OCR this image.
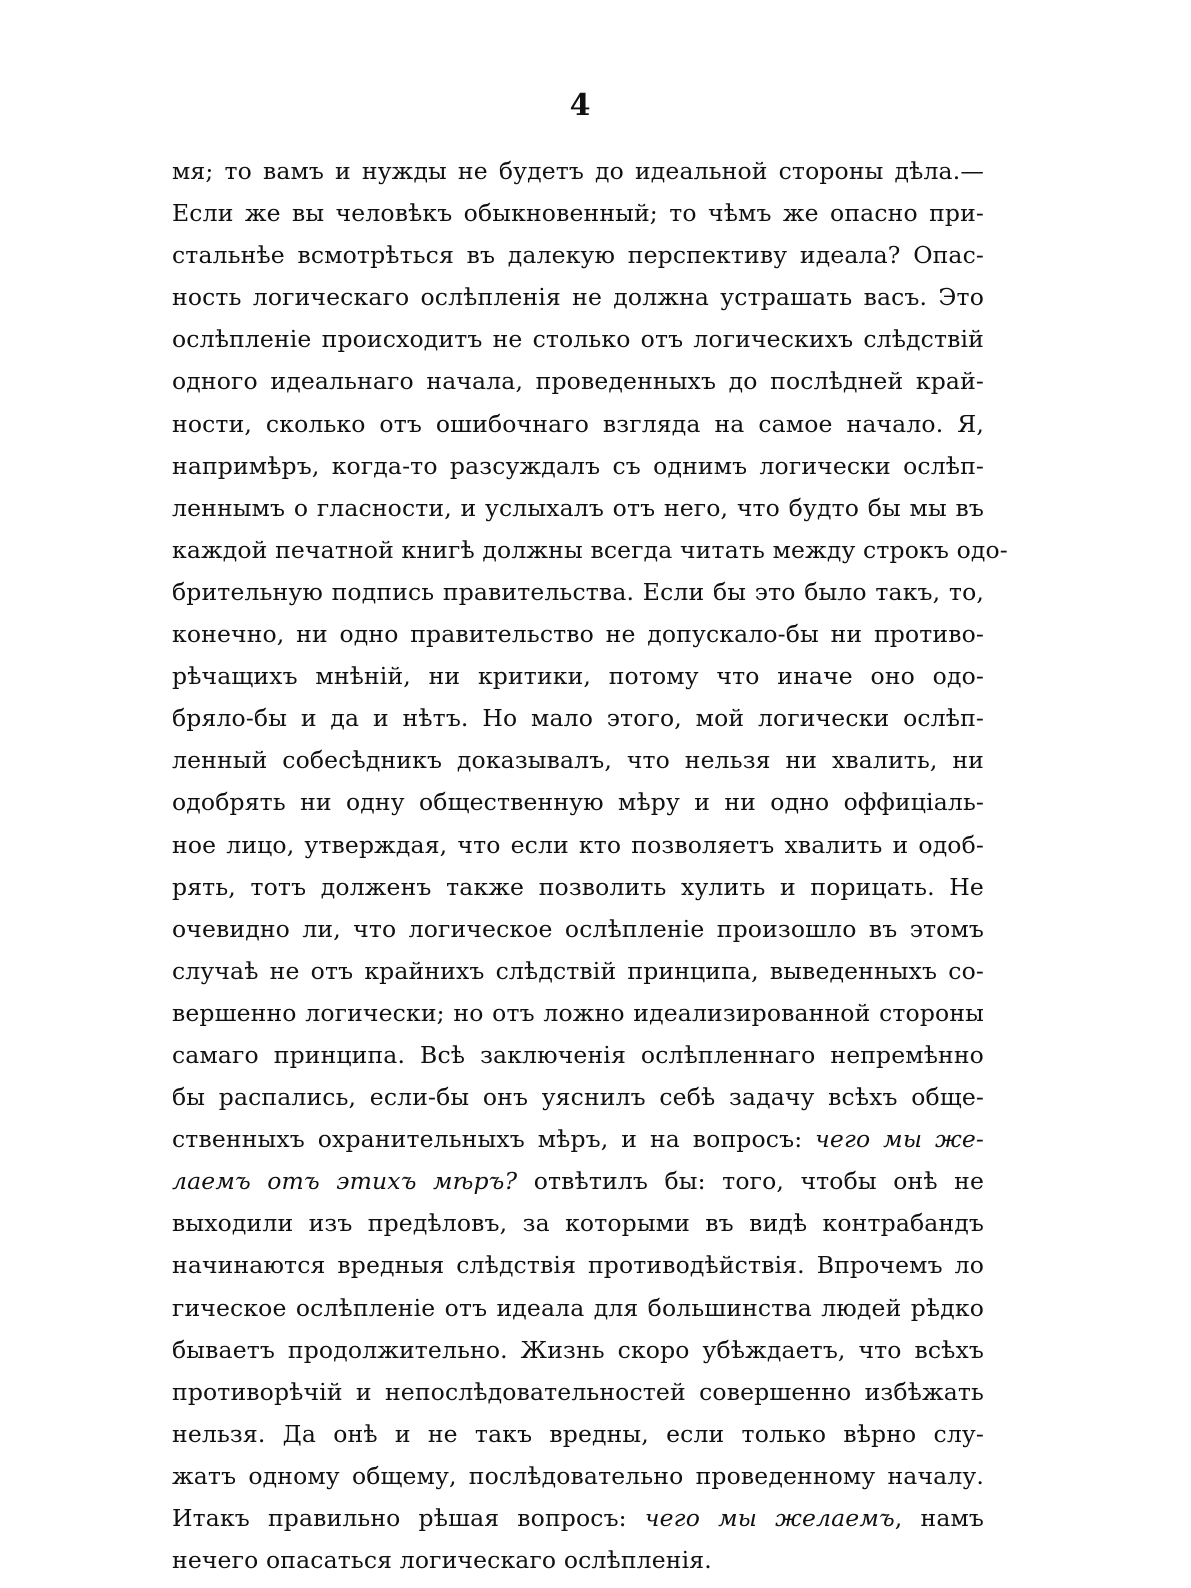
4
мя; то вамъ и нужды не будетъ до идеальной стороны дѣла.—
Если же вы человѣкъ обыкновенный; то чѣмъ же опасно при-
стальнѣе всмотрѣться въ далекую перспективу идеала? Опас-
ность логическаго ослѣпленія не должна устрашать васъ. Это
ослѣпленіе происходитъ не столько отъ логическихъ слѣдствій
одного идеальнаго начала, проведенныхъ до послѣдней край-
ности, сколько отъ ошибочнаго взгляда на самое начало. Я,
напримѣръ, когда-то разсуждалъ съ однимъ логически ослѣп-
леннымъ о гласности, и услыхалъ отъ него, что будто бы мы въ
каждой печатной книгѣ должны всегда читать между строкъ одо-
брительную подпись правительства. Если бы это было такъ, то,
конечно, ни одно правительство не допускало-бы ни противо-
рѣчащихъ мнѣній, ни критики, потому что иначе оно одо-
бряло-бы и да и нѣтъ. Но мало этого, мой логически ослѣп-
ленный собесѣдникъ доказывалъ, что нельзя ни хвалить, ни
одобрять ни одну общественную мѣру и ни одно оффиціаль-
ное лицо, утверждая, что если кто позволяетъ хвалить и одоб-
рять, тотъ долженъ также позволить хулить и порицать. Не
очевидно ли, что логическое ослѣпленіе произошло въ этомъ
случаѣ не отъ крайнихъ слѣдствій принципа, выведенныхъ со-
вершенно логически; но отъ ложно идеализированной стороны
самаго принципа. Всѣ заключенія ослѣпленнаго непремѣнно
бы распались, если-бы онъ уяснилъ себѣ задачу всѣхъ обще-
ственныхъ охранительныхъ мѣръ, и на вопросъ: чего мы же-
лаемъ отъ этихъ мѣръ? отвѣтилъ бы: того, чтобы онѣ не
выходили изъ предѣловъ, за которыми въ видѣ контрабандъ
начинаются вредныя слѣдствія противодѣйствія. Впрочемъ ло
гическое ослѣпленіе отъ идеала для большинства людей рѣдко
бываетъ продолжительно. Жизнь скоро убѣждаетъ, что всѣхъ
противорѣчій и непослѣдовательностей совершенно избѣжать
нельзя. Да онѣ и не такъ вредны, если только вѣрно слу-
жатъ одному общему, послѣдовательно проведенному началу.
Итакъ правильно рѣшая вопросъ: чего мы желаемъ, намъ
нечего опасаться логическаго ослѣпленія.
